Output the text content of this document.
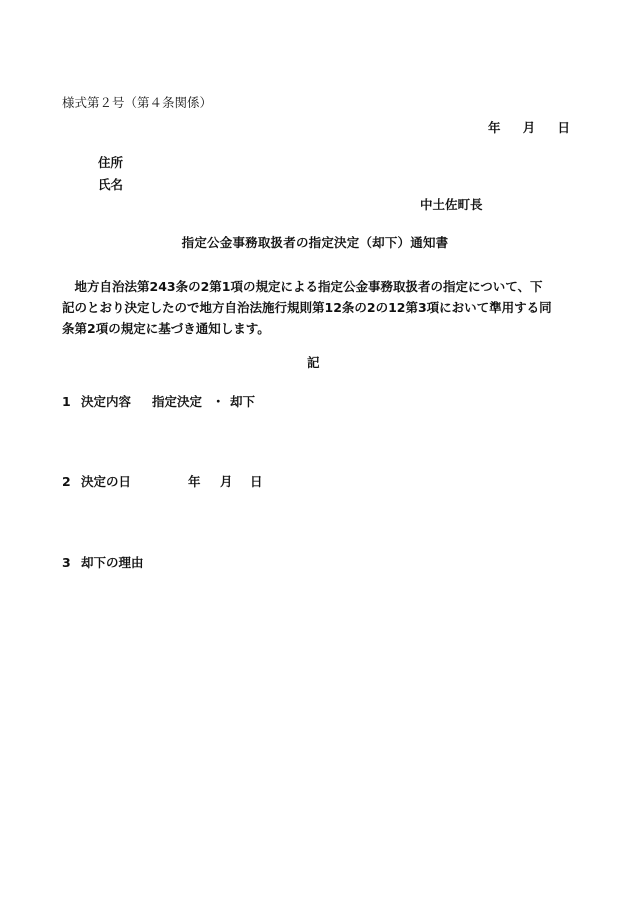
様式第２号（第４条関係）

年 月 日

住所

氏名

中土佐町長

指定公金事務取扱者の指定決定（却下）通知書

　地方自治法第243条の2第1項の規定による指定公金事務取扱者の指定について、下
記のとおり決定したので地方自治法施行規則第12条の2の12第3項において準用する同
条第2項の規定に基づき通知します。

記

1 決定内容 指定決定 ・ 却下
2 決定の日	年 月 日
3 却下の理由
